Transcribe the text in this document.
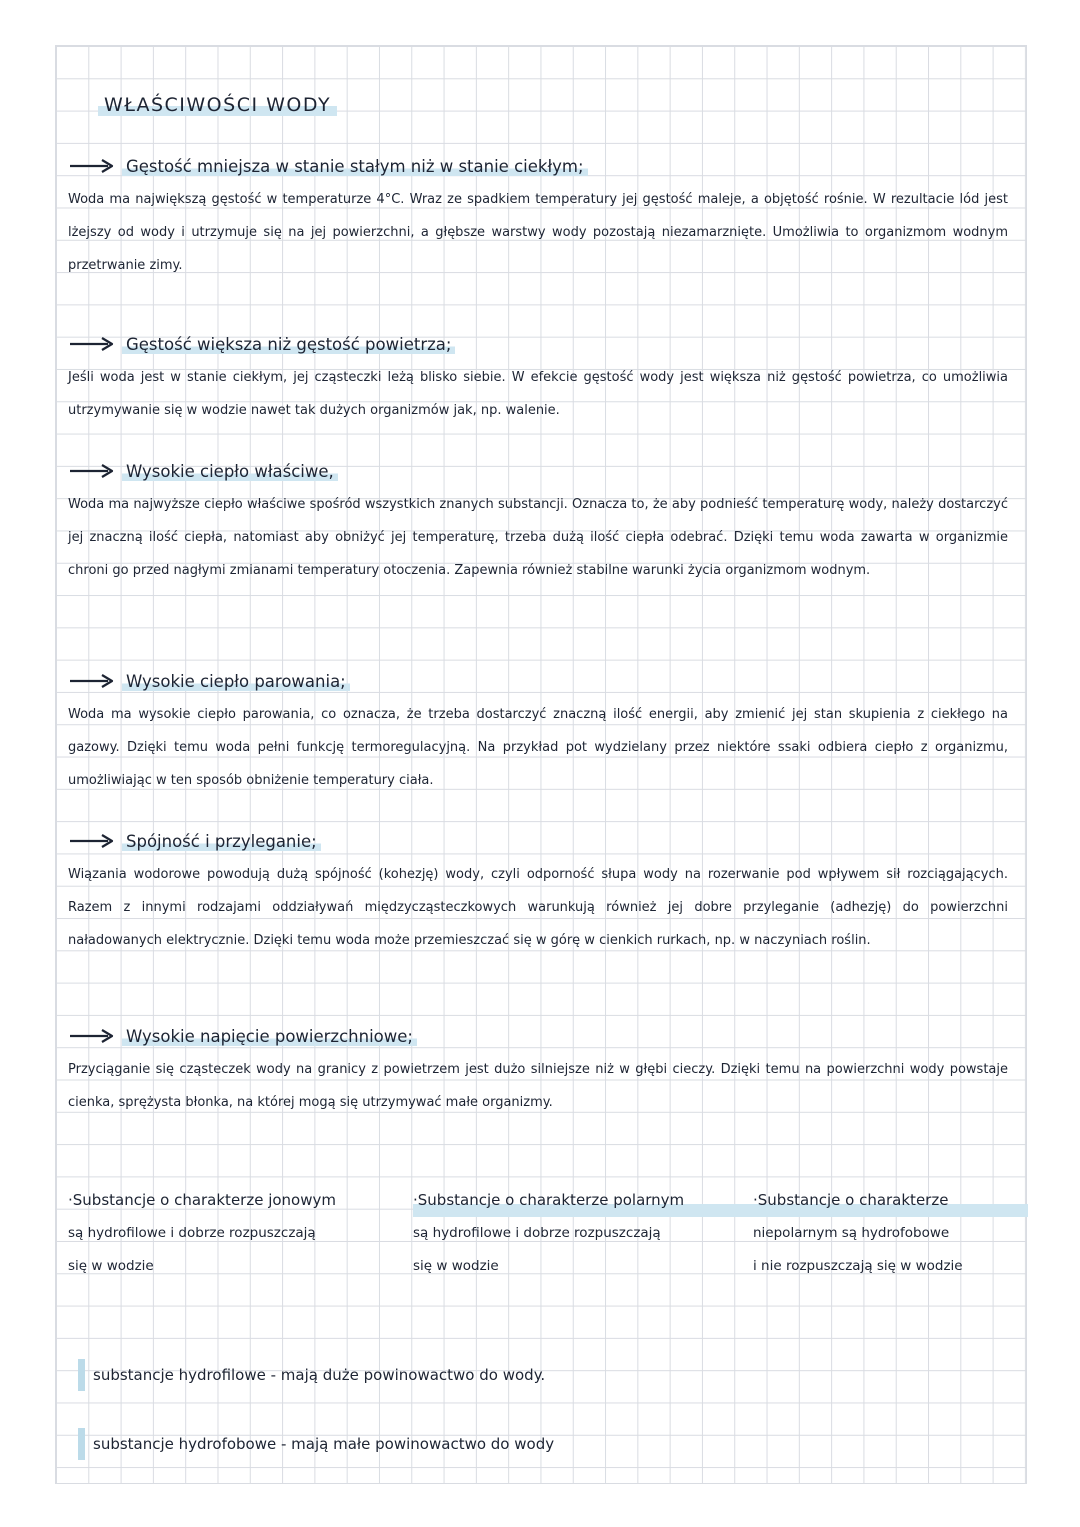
WŁAŚCIWOŚCI WODY
Gęstość mniejsza w stanie stałym niż w stanie ciekłym;
Woda ma największą gęstość w temperaturze 4°C. Wraz ze spadkiem temperatury jej gęstość maleje, a objętość rośnie. W rezultacie lód jest lżejszy od wody i utrzymuje się na jej powierzchni, a głębsze warstwy wody pozostają niezamarznięte. Umożliwia to organizmom wodnym przetrwanie zimy.
Gęstość większa niż gęstość powietrza;
Jeśli woda jest w stanie ciekłym, jej cząsteczki leżą blisko siebie. W efekcie gęstość wody jest większa niż gęstość powietrza, co umożliwia utrzymywanie się w wodzie nawet tak dużych organizmów jak, np. walenie.
Wysokie ciepło właściwe,
Woda ma najwyższe ciepło właściwe spośród wszystkich znanych substancji. Oznacza to, że aby podnieść temperaturę wody, należy dostarczyć jej znaczną ilość ciepła, natomiast aby obniżyć jej temperaturę, trzeba dużą ilość ciepła odebrać. Dzięki temu woda zawarta w organizmie chroni go przed nagłymi zmianami temperatury otoczenia. Zapewnia również stabilne warunki życia organizmom wodnym.
Wysokie ciepło parowania;
Woda ma wysokie ciepło parowania, co oznacza, że trzeba dostarczyć znaczną ilość energii, aby zmienić jej stan skupienia z ciekłego na gazowy. Dzięki temu woda pełni funkcję termoregulacyjną. Na przykład pot wydzielany przez niektóre ssaki odbiera ciepło z organizmu, umożliwiając w ten sposób obniżenie temperatury ciała.
Spójność i przyleganie;
Wiązania wodorowe powodują dużą spójność (kohezję) wody, czyli odporność słupa wody na rozerwanie pod wpływem sił rozciągających. Razem z innymi rodzajami oddziaływań międzycząsteczkowych warunkują również jej dobre przyleganie (adhezję) do powierzchni naładowanych elektrycznie. Dzięki temu woda może przemieszczać się w górę w cienkich rurkach, np. w naczyniach roślin.
Wysokie napięcie powierzchniowe;
Przyciąganie się cząsteczek wody na granicy z powietrzem jest dużo silniejsze niż w głębi cieczy. Dzięki temu na powierzchni wody powstaje cienka, sprężysta błonka, na której mogą się utrzymywać małe organizmy.
·Substancje o charakterze jonowym
są hydrofilowe i dobrze rozpuszczają
się w wodzie
·Substancje o charakterze polarnym
są hydrofilowe i dobrze rozpuszczają
się w wodzie
·Substancje o charakterze
niepolarnym są hydrofobowe
i nie rozpuszczają się w wodzie
substancje hydrofilowe - mają duże powinowactwo do wody.
substancje hydrofobowe - mają małe powinowactwo do wody
